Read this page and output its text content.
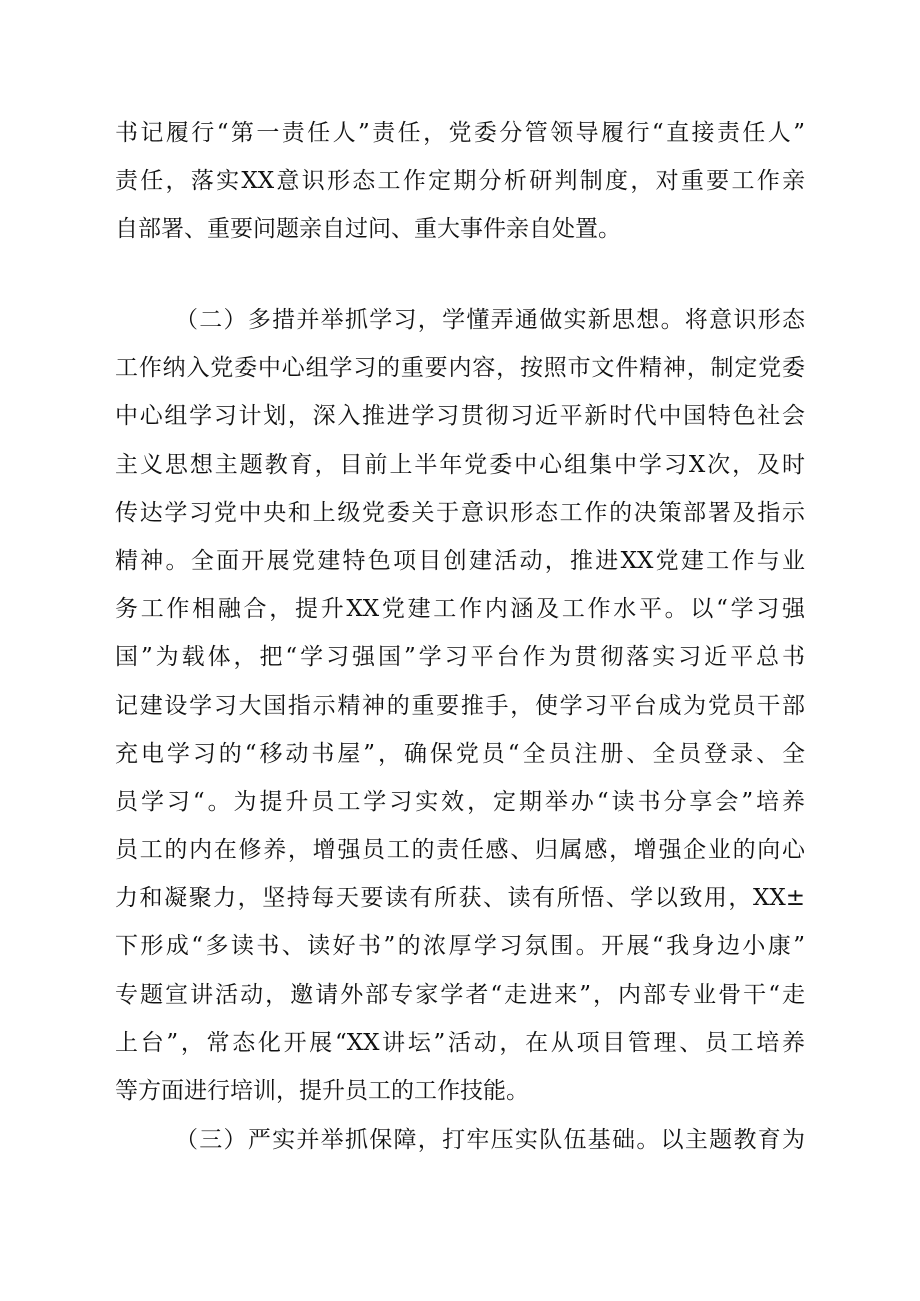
书记履行“第一责任人”责任，党委分管领导履行“直接责任人”
责任，落实XX意识形态工作定期分析研判制度，对重要工作亲
自部署、重要问题亲自过问、重大事件亲自处置。
（二）多措并举抓学习，学懂弄通做实新思想。将意识形态
工作纳入党委中心组学习的重要内容，按照市文件精神，制定党委
中心组学习计划，深入推进学习贯彻习近平新时代中国特色社会
主义思想主题教育，目前上半年党委中心组集中学习X次，及时
传达学习党中央和上级党委关于意识形态工作的决策部署及指示
精神。全面开展党建特色项目创建活动，推进XX党建工作与业
务工作相融合，提升XX党建工作内涵及工作水平。以“学习强
国”为载体，把“学习强国”学习平台作为贯彻落实习近平总书
记建设学习大国指示精神的重要推手，使学习平台成为党员干部
充电学习的“移动书屋”，确保党员“全员注册、全员登录、全
员学习“。为提升员工学习实效，定期举办“读书分享会”培养
员工的内在修养，增强员工的责任感、归属感，增强企业的向心
力和凝聚力，坚持每天要读有所获、读有所悟、学以致用，XX±
下形成“多读书、读好书”的浓厚学习氛围。开展“我身边小康”
专题宣讲活动，邀请外部专家学者“走进来”，内部专业骨干“走
上台”，常态化开展“XX讲坛”活动，在从项目管理、员工培养
等方面进行培训，提升员工的工作技能。
（三）严实并举抓保障，打牢压实队伍基础。以主题教育为
